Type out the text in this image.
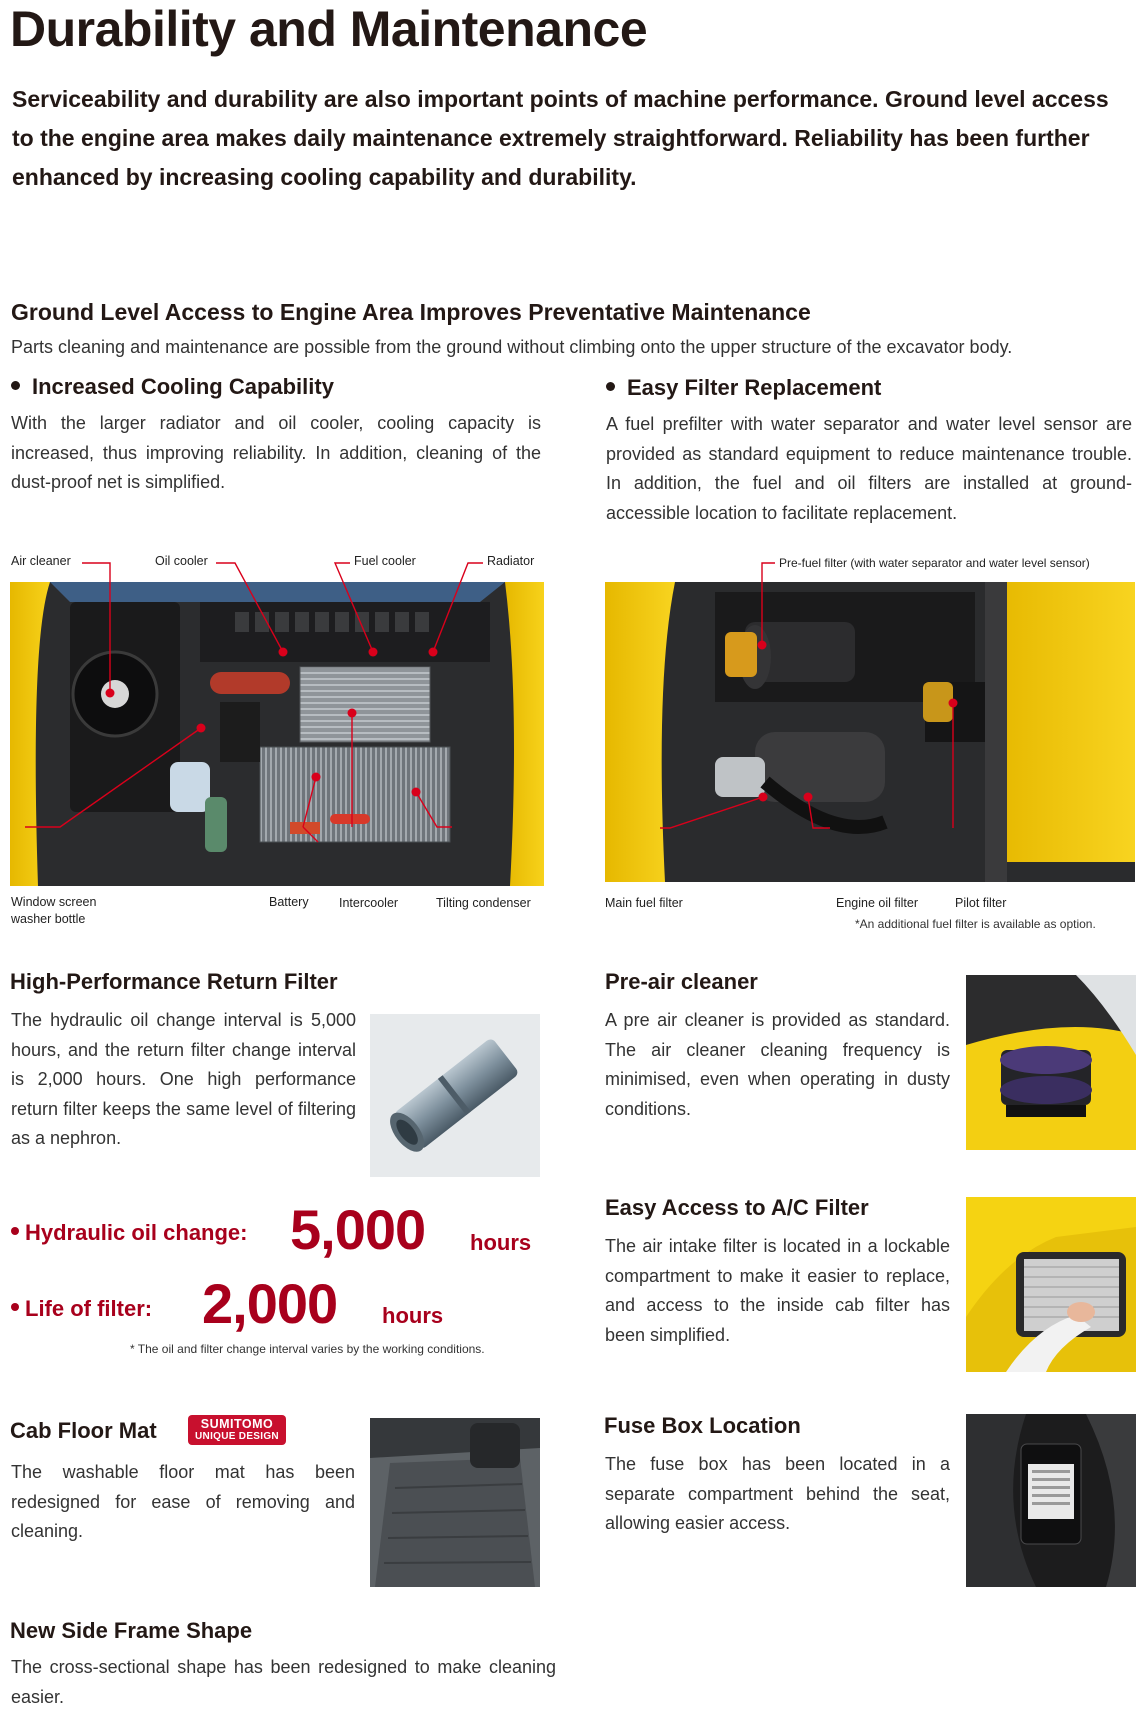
Durability and Maintenance

Serviceability and durability are also important points of machine performance. Ground level access to the engine area makes daily maintenance extremely straightforward. Reliability has been further enhanced by increasing cooling capability and durability.

Ground Level Access to Engine Area Improves Preventative Maintenance
Parts cleaning and maintenance are possible from the ground without climbing onto the upper structure of the excavator body.
Increased Cooling Capability

With the larger radiator and oil cooler, cooling capacity is increased, thus improving reliability. In addition, cleaning of the dust-proof net is simplified.

Easy Filter Replacement

A fuel prefilter with water separator and water level sensor are provided as standard equipment to reduce maintenance trouble. In addition, the fuel and oil filters are installed at ground-accessible location to facilitate replacement.

Air cleaner	Oil cooler	Fuel cooler	Radiator
Window screen
washer bottle
Battery Intercooler	Tilting condenser
Pre-fuel filter (with water separator and water level sensor)
Main fuel filter	Engine oil filter	Pilot filter
*An additional fuel filter is available as option.
High-Performance Return Filter

The hydraulic oil change interval is 5,000 hours, and the return filter change interval is 2,000 hours. One high performance return filter keeps the same level of filtering as a nephron.

Hydraulic oil change: 5,000 hours
Life of filter: 2,000 hours
* The oil and filter change interval varies by the working conditions.
Pre-air cleaner

A pre air cleaner is provided as standard. The air cleaner cleaning frequency is minimised, even when operating in dusty conditions.

Easy Access to A/C Filter

The air intake filter is located in a lockable compartment to make it easier to replace, and access to the inside cab filter has been simplified.

Cab Floor Mat	SUMITOMO
UNIQUE DESIGN

The washable floor mat has been redesigned for ease of removing and cleaning.

Fuse Box Location

The fuse box has been located in a separate compartment behind the seat, allowing easier access.

New Side Frame Shape

The cross-sectional shape has been redesigned to make cleaning easier.
